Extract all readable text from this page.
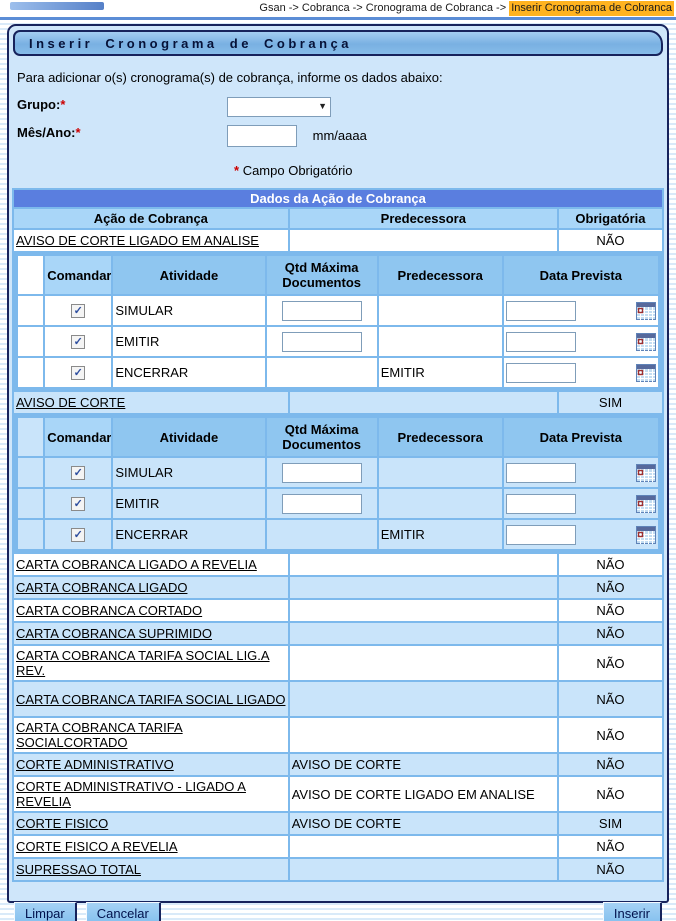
Gsan -> Cobranca -> Cronograma de Cobranca -> Inserir Cronograma de Cobranca
Inserir Cronograma de Cobrança

Para adicionar o(s) cronograma(s) de cobrança, informe os dados abaixo:

Grupo:*	▼
Mês/Ano:*	mm/aaaa
* Campo Obrigatório
Dados da Ação de Cobrança
Ação de Cobrança	Predecessora	Obrigatória
AVISO DE CORTE LIGADO EM ANALISE		NÃO

	Comandar	Atividade	Qtd Máxima Documentos	Predecessora	Data Prevista
	✓	SIMULAR			

	✓	EMITIR			

	✓	ENCERRAR		EMITIR	

AVISO DE CORTE		SIM

	Comandar	Atividade	Qtd Máxima Documentos	Predecessora	Data Prevista
	✓	SIMULAR			

	✓	EMITIR			

	✓	ENCERRAR		EMITIR	

CARTA COBRANCA LIGADO A REVELIA		NÃO
CARTA COBRANCA LIGADO		NÃO
CARTA COBRANCA CORTADO		NÃO
CARTA COBRANCA SUPRIMIDO		NÃO
CARTA COBRANCA TARIFA SOCIAL LIG.A REV.		NÃO
CARTA COBRANCA TARIFA SOCIAL LIGADO		NÃO
CARTA COBRANCA TARIFA SOCIALCORTADO		NÃO
CORTE ADMINISTRATIVO	AVISO DE CORTE	NÃO
CORTE ADMINISTRATIVO - LIGADO A REVELIA	AVISO DE CORTE LIGADO EM ANALISE	NÃO
CORTE FISICO	AVISO DE CORTE	SIM
CORTE FISICO A REVELIA		NÃO
SUPRESSAO TOTAL		NÃO
Limpar	Cancelar	Inserir
